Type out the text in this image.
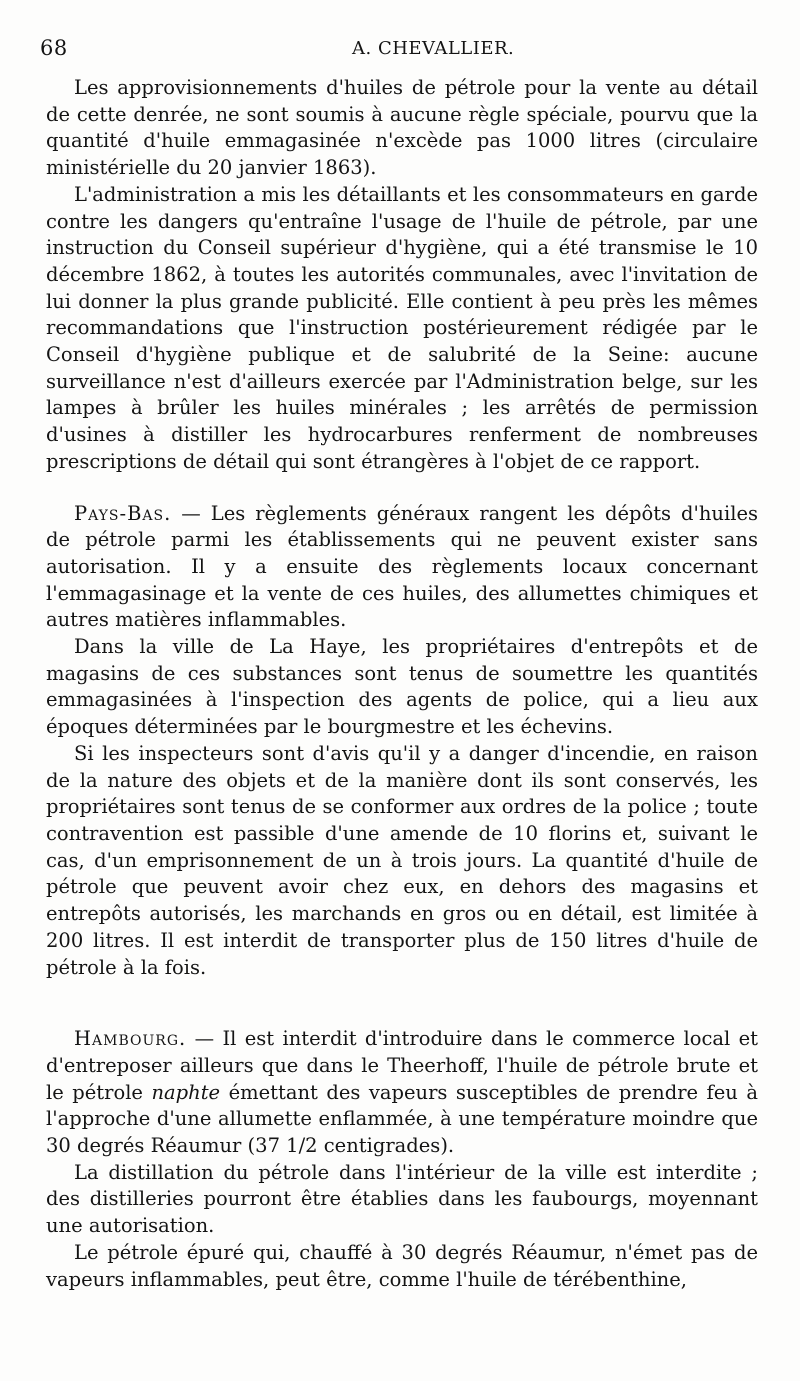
68	A. CHEVALLIER.

Les approvisionnements d'huiles de pétrole pour la vente au détail de cette denrée, ne sont soumis à aucune règle spéciale, pourvu que la quantité d'huile emmagasinée n'excède pas 1000 litres (circulaire ministérielle du 20 janvier 1863).

L'administration a mis les détaillants et les consommateurs en garde contre les dangers qu'entraîne l'usage de l'huile de pétrole, par une instruction du Conseil supérieur d'hygiène, qui a été transmise le 10 décembre 1862, à toutes les autorités communales, avec l'invitation de lui donner la plus grande publicité. Elle contient à peu près les mêmes recommandations que l'instruction postérieurement rédigée par le Conseil d'hygiène publique et de salubrité de la Seine: aucune surveillance n'est d'ailleurs exercée par l'Administration belge, sur les lampes à brûler les huiles minérales ; les arrêtés de permission d'usines à distiller les hydrocarbures renferment de nombreuses prescriptions de détail qui sont étrangères à l'objet de ce rapport.

Pays-Bas. — Les règlements généraux rangent les dépôts d'huiles de pétrole parmi les établissements qui ne peuvent exister sans autorisation. Il y a ensuite des règlements locaux concernant l'emmagasinage et la vente de ces huiles, des allumettes chimiques et autres matières inflammables.

Dans la ville de La Haye, les propriétaires d'entrepôts et de magasins de ces substances sont tenus de soumettre les quantités emmagasinées à l'inspection des agents de police, qui a lieu aux époques déterminées par le bourgmestre et les échevins.

Si les inspecteurs sont d'avis qu'il y a danger d'incendie, en raison de la nature des objets et de la manière dont ils sont conservés, les propriétaires sont tenus de se conformer aux ordres de la police ; toute contravention est passible d'une amende de 10 florins et, suivant le cas, d'un emprisonnement de un à trois jours. La quantité d'huile de pétrole que peuvent avoir chez eux, en dehors des magasins et entrepôts autorisés, les marchands en gros ou en détail, est limitée à 200 litres. Il est interdit de transporter plus de 150 litres d'huile de pétrole à la fois.

Hambourg. — Il est interdit d'introduire dans le commerce local et d'entreposer ailleurs que dans le Theerhoff, l'huile de pétrole brute et le pétrole naphte émettant des vapeurs susceptibles de prendre feu à l'approche d'une allumette enflammée, à une température moindre que 30 degrés Réaumur (37 1/2 centigrades).

La distillation du pétrole dans l'intérieur de la ville est interdite ; des distilleries pourront être établies dans les faubourgs, moyennant une autorisation.

Le pétrole épuré qui, chauffé à 30 degrés Réaumur, n'émet pas de vapeurs inflammables, peut être, comme l'huile de térébenthine,
